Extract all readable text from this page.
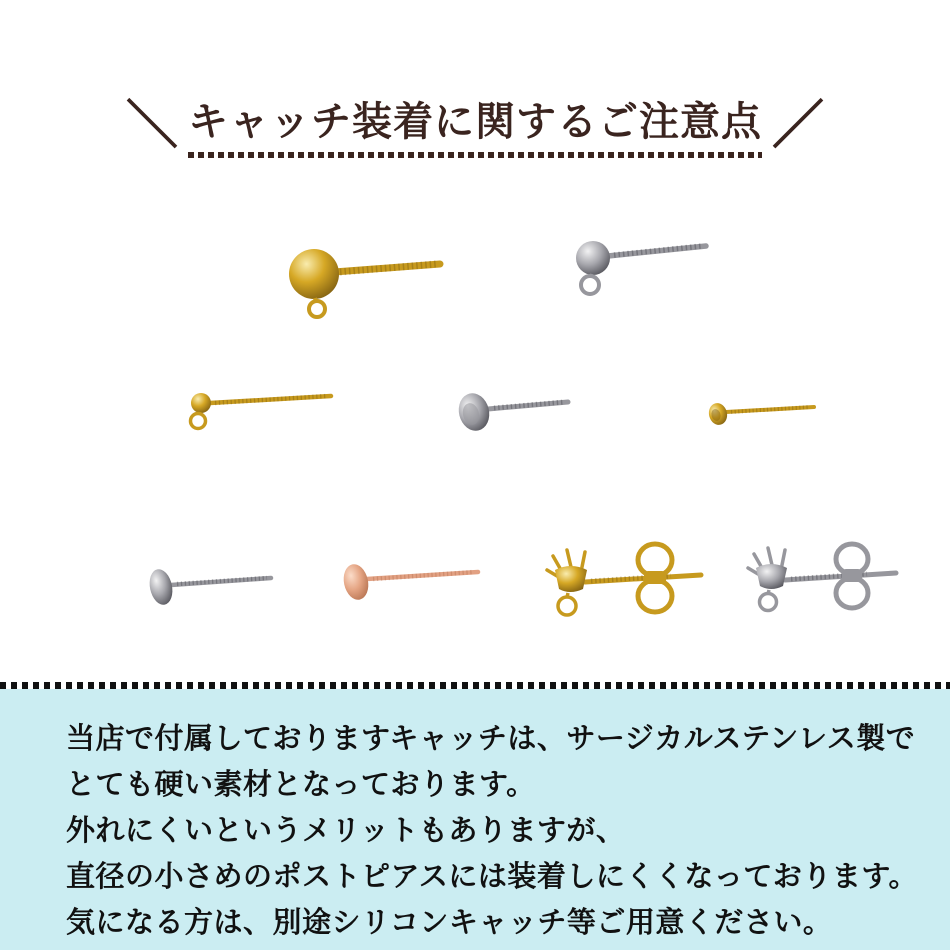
＼ キャッチ装着に関するご注意点 ／

当店で付属しておりますキャッチは、サージカルステンレス製で

とても硬い素材となっております。

外れにくいというメリットもありますが、

直径の小さめのポストピアスには装着しにくくなっております。

気になる方は、別途シリコンキャッチ等ご用意ください。
